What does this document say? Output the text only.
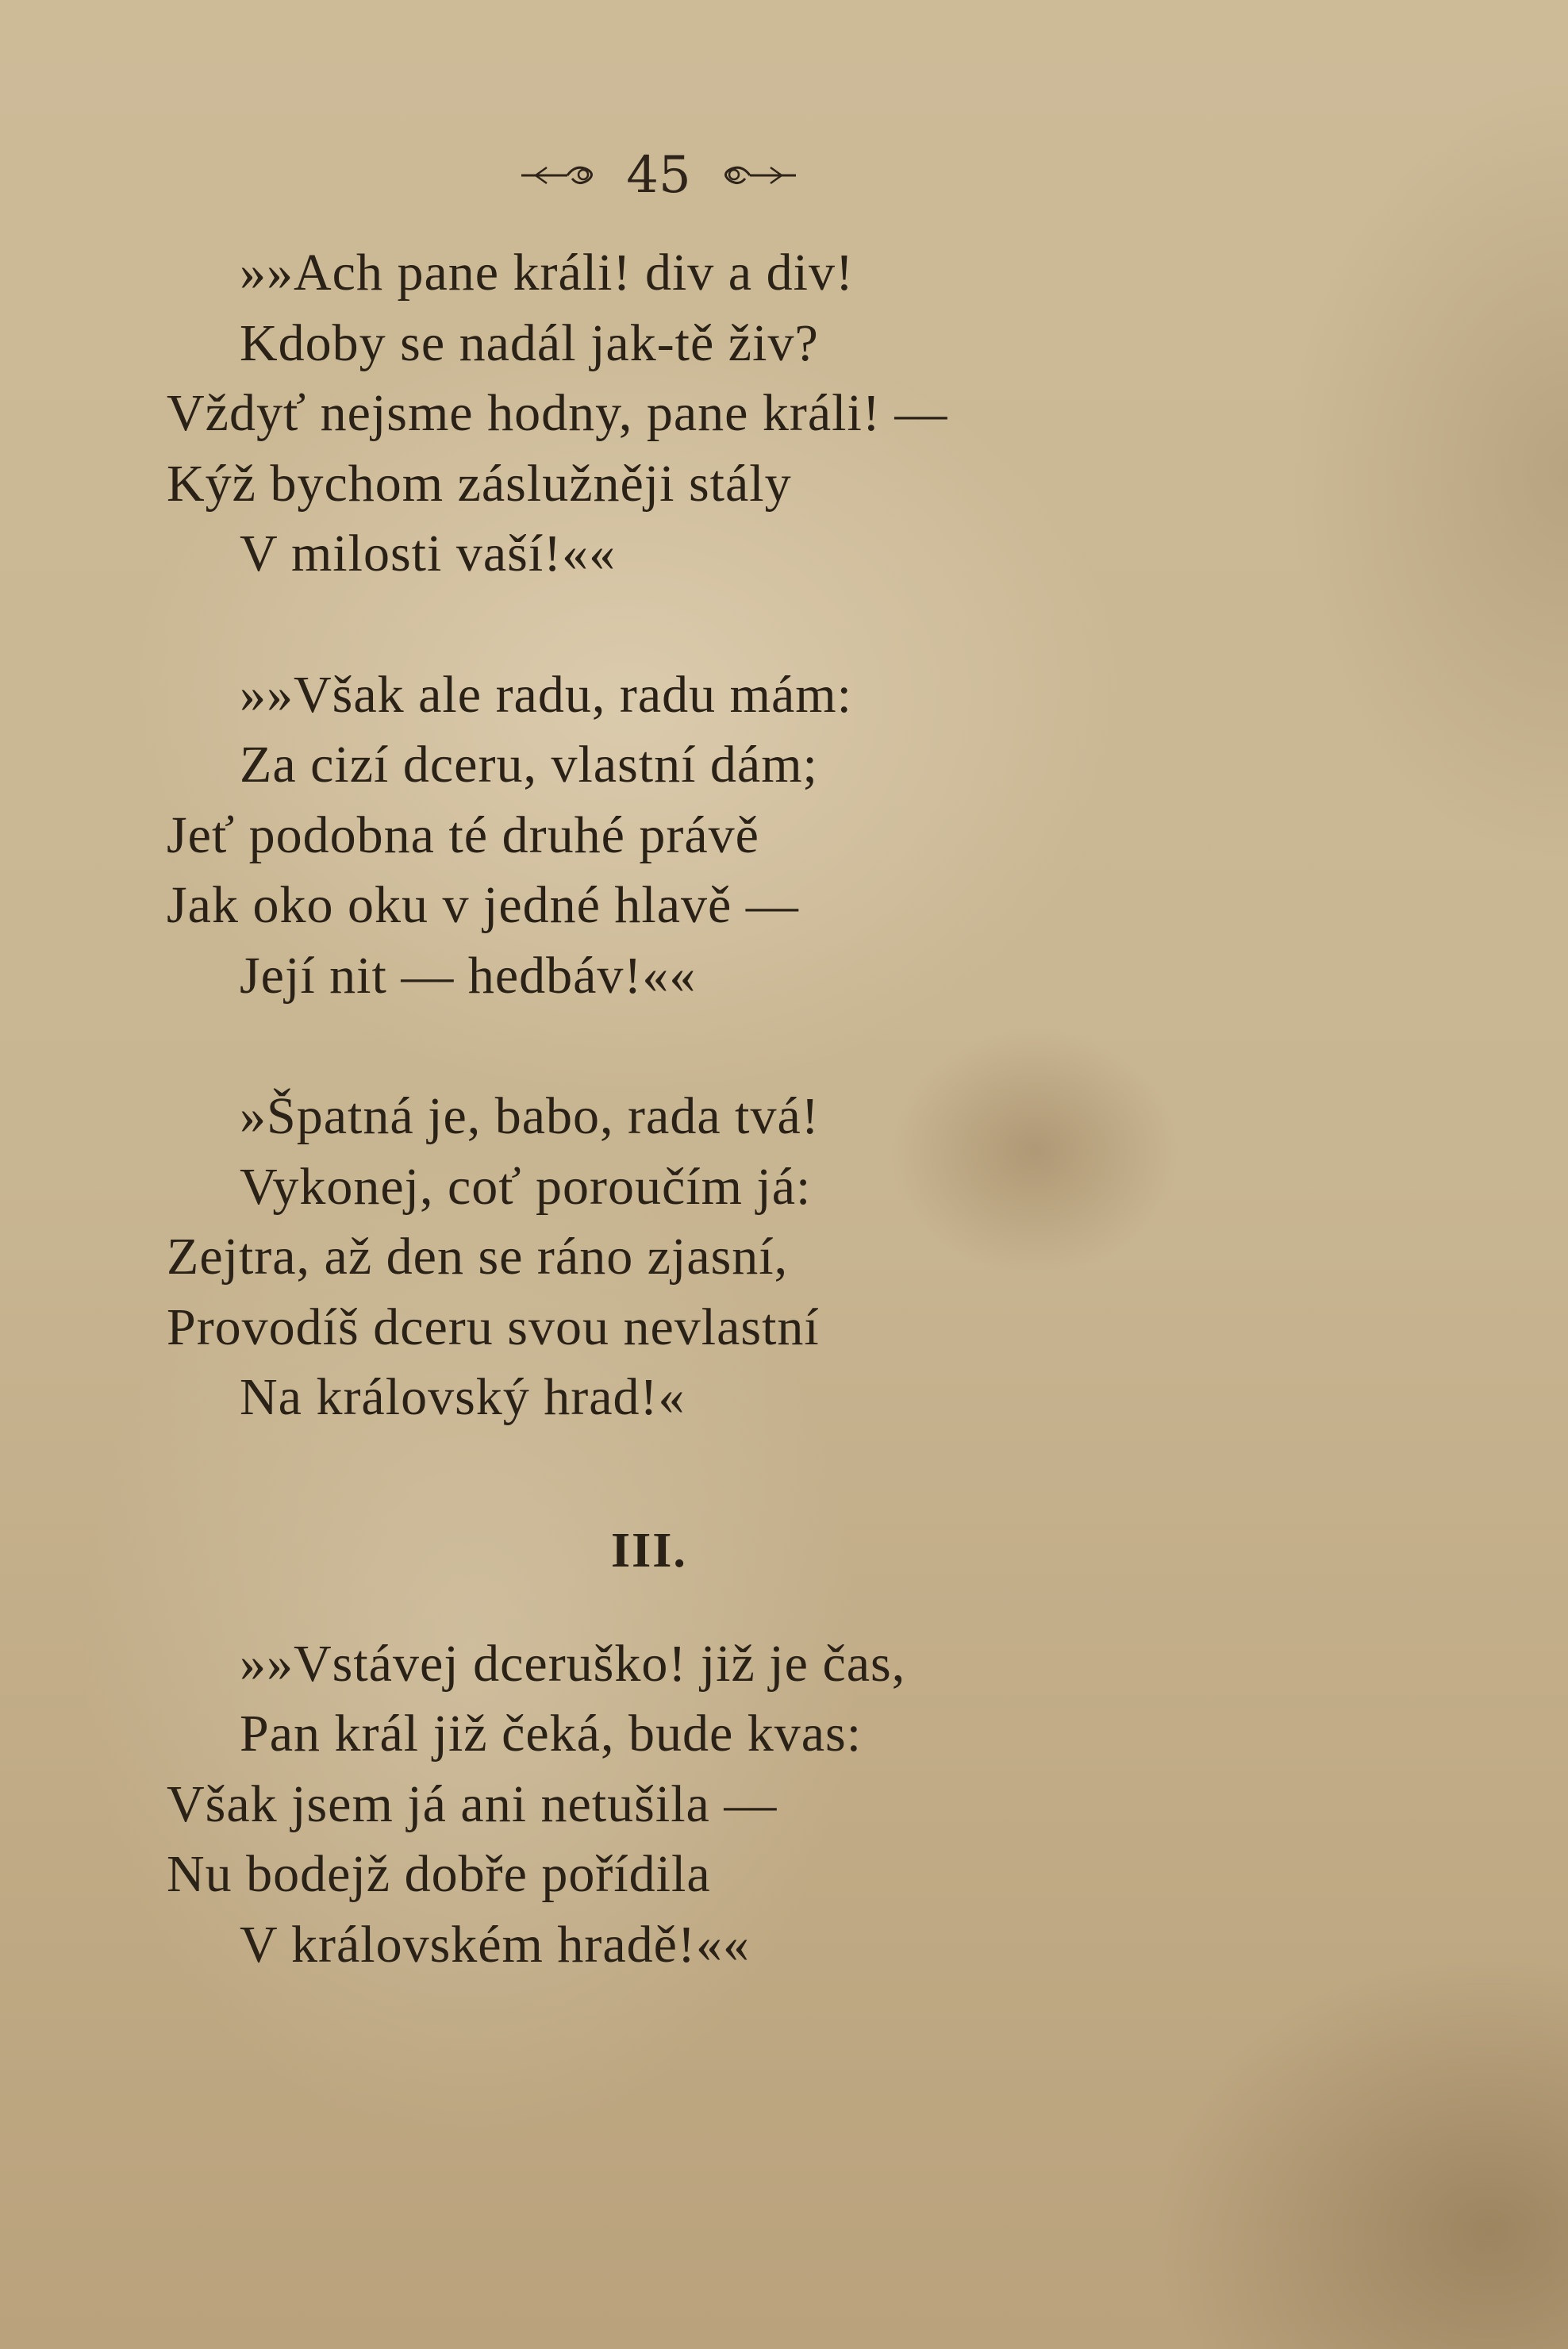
45
»»Ach pane králi! div a div!
Kdoby se nadál jak-tě živ?
Vždyť nejsme hodny, pane králi! —
Kýž bychom záslužněji stály
V milosti vaší!««
»»Však ale radu, radu mám:
Za cizí dceru, vlastní dám;
Jeť podobna té druhé právě
Jak oko oku v jedné hlavě —
Její nit — hedbáv!««
»Špatná je, babo, rada tvá!
Vykonej, coť poroučím já:
Zejtra, až den se ráno zjasní,
Provodíš dceru svou nevlastní
Na královský hrad!«
III.
»»Vstávej dceruško! již je čas,
Pan král již čeká, bude kvas:
Však jsem já ani netušila —
Nu bodejž dobře pořídila
V královském hradě!««
